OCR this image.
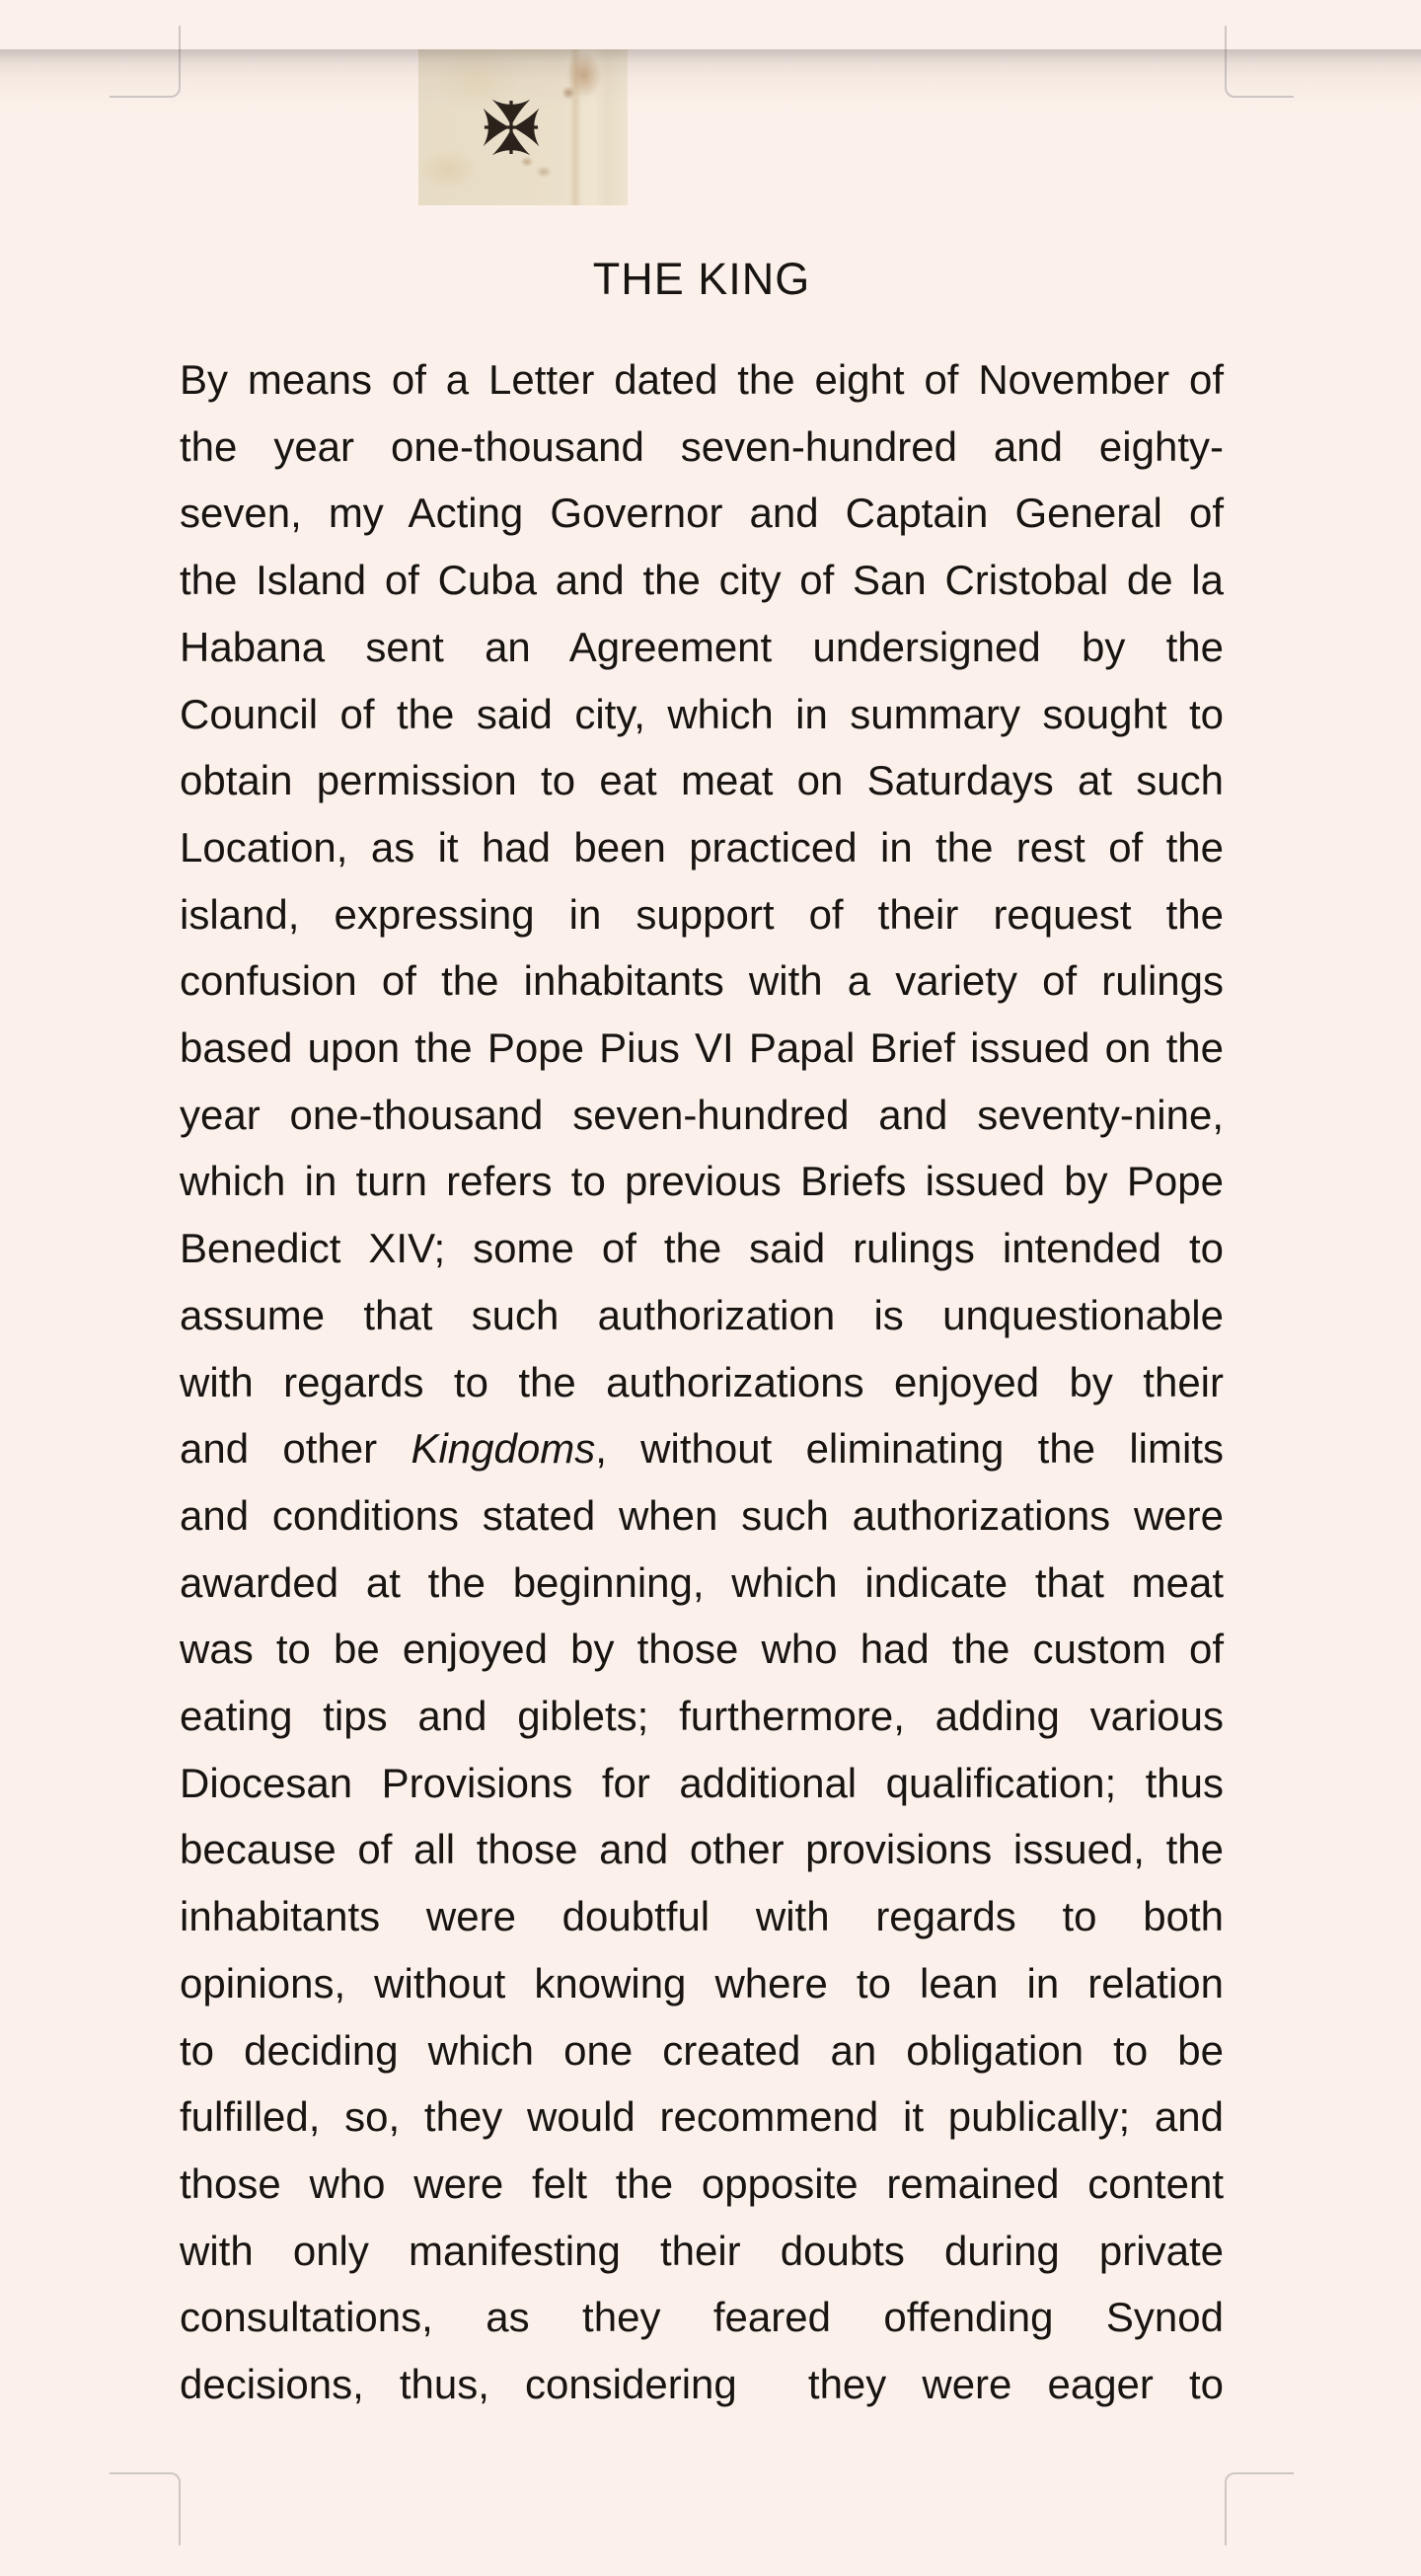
THE KING
By means of a Letter dated the eight of November of
the year one-thousand seven-hundred and eighty-
seven, my Acting Governor and Captain General of
the Island of Cuba and the city of San Cristobal de la
Habana sent an Agreement undersigned by the
Council of the said city, which in summary sought to
obtain permission to eat meat on Saturdays at such
Location, as it had been practiced in the rest of the
island, expressing in support of their request the
confusion of the inhabitants with a variety of rulings
based upon the Pope Pius VI Papal Brief issued on the
year one-thousand seven-hundred and seventy-nine,
which in turn refers to previous Briefs issued by Pope
Benedict XIV; some of the said rulings intended to
assume that such authorization is unquestionable
with regards to the authorizations enjoyed by their
and other Kingdoms, without eliminating the limits
and conditions stated when such authorizations were
awarded at the beginning, which indicate that meat
was to be enjoyed by those who had the custom of
eating tips and giblets; furthermore, adding various
Diocesan Provisions for additional qualification; thus
because of all those and other provisions issued, the
inhabitants were doubtful with regards to both
opinions, without knowing where to lean in relation
to deciding which one created an obligation to be
fulfilled, so, they would recommend it publically; and
those who were felt the opposite remained content
with only manifesting their doubts during private
consultations, as they feared offending Synod
decisions, thus, considering  they were eager to
